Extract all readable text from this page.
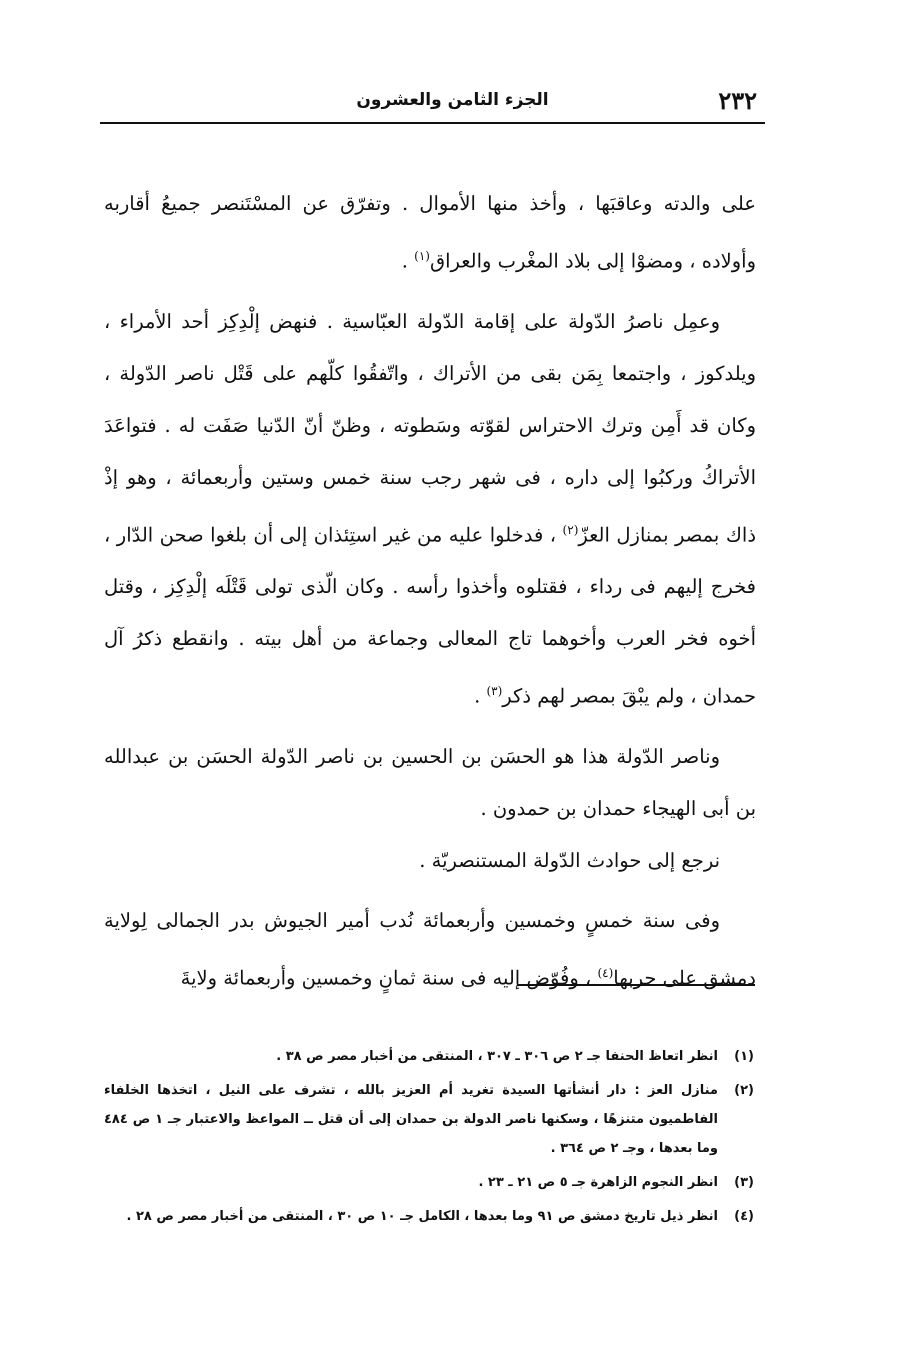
٢٣٢
الجزء الثامن والعشرون

على والدته وعاقبَها ، وأخذ منها الأموال . وتفرّق عن المسْتَنصر جميعُ أقاربه وأولاده ، ومضوْا إلى بلاد المغْرب والعراق$^{(١)}$ .

وعمِل ناصرُ الدّولة على إقامة الدّولة العبّاسية . فنهض إلْدِكِز أحد الأمراء ، ويلدكوز ، واجتمعا بِمَن بقى من الأتراك ، واتّفقُوا كلّهم على قَتْل ناصر الدّولة ، وكان قد أَمِن وترك الاحتراس لقوّته وسَطوته ، وظنّ أنّ الدّنيا صَفَت له . فتواعَدَ الأتراكُ وركبُوا إلى داره ، فى شهر رجب سنة خمس وستين وأربعمائة ، وهو إذْ ذاك بمصر بمنازل العزّ$^{(٢)}$ ، فدخلوا عليه من غير استِئذان إلى أن بلغوا صحن الدّار ، فخرج إليهم فى رداء ، فقتلوه وأخذوا رأسه . وكان الّذى تولى قَتْلَه إلْدِكِز ، وقتل أخوه فخر العرب وأخوهما تاج المعالى وجماعة من أهل بيته . وانقطع ذكرُ آل حمدان ، ولم يبْقَ بمصر لهم ذكر$^{(٣)}$ .

وناصر الدّولة هذا هو الحسَن بن الحسين بن ناصر الدّولة الحسَن بن عبدالله بن أبى الهيجاء حمدان بن حمدون .

نرجع إلى حوادث الدّولة المستنصريّة .

وفى سنة خمسٍ وخمسين وأربعمائة نُدب أمير الجيوش بدر الجمالى لِولاية دمشق على حربها$^{(٤)}$ ، وفُوّض إليه فى سنة ثمانٍ وخمسين وأربعمائة ولايةَ

(١)
انظر اتعاظ الحنفا جـ ٢ ص ٣٠٦ ـ ٣٠٧ ، المنتقى من أخبار مصر ص ٣٨ .
(٢)
منازل العز : دار أنشأتها السيدة تغريد أم العزيز بالله ، تشرف على النيل ، اتخذها الخلفاء الفاطميون متنزهًا ، وسكنها ناصر الدولة بن حمدان إلى أن قتل ــ المواعظ والاعتبار جـ ١ ص ٤٨٤ وما بعدها ، وجـ ٢ ص ٣٦٤ .
(٣)
انظر النجوم الزاهرة جـ ٥ ص ٢١ ـ ٢٣ .
(٤)
انظر ذيل تاريخ دمشق ص ٩١ وما بعدها ، الكامل جـ ١٠ ص ٣٠ ، المنتقى من أخبار مصر ص ٢٨ .
